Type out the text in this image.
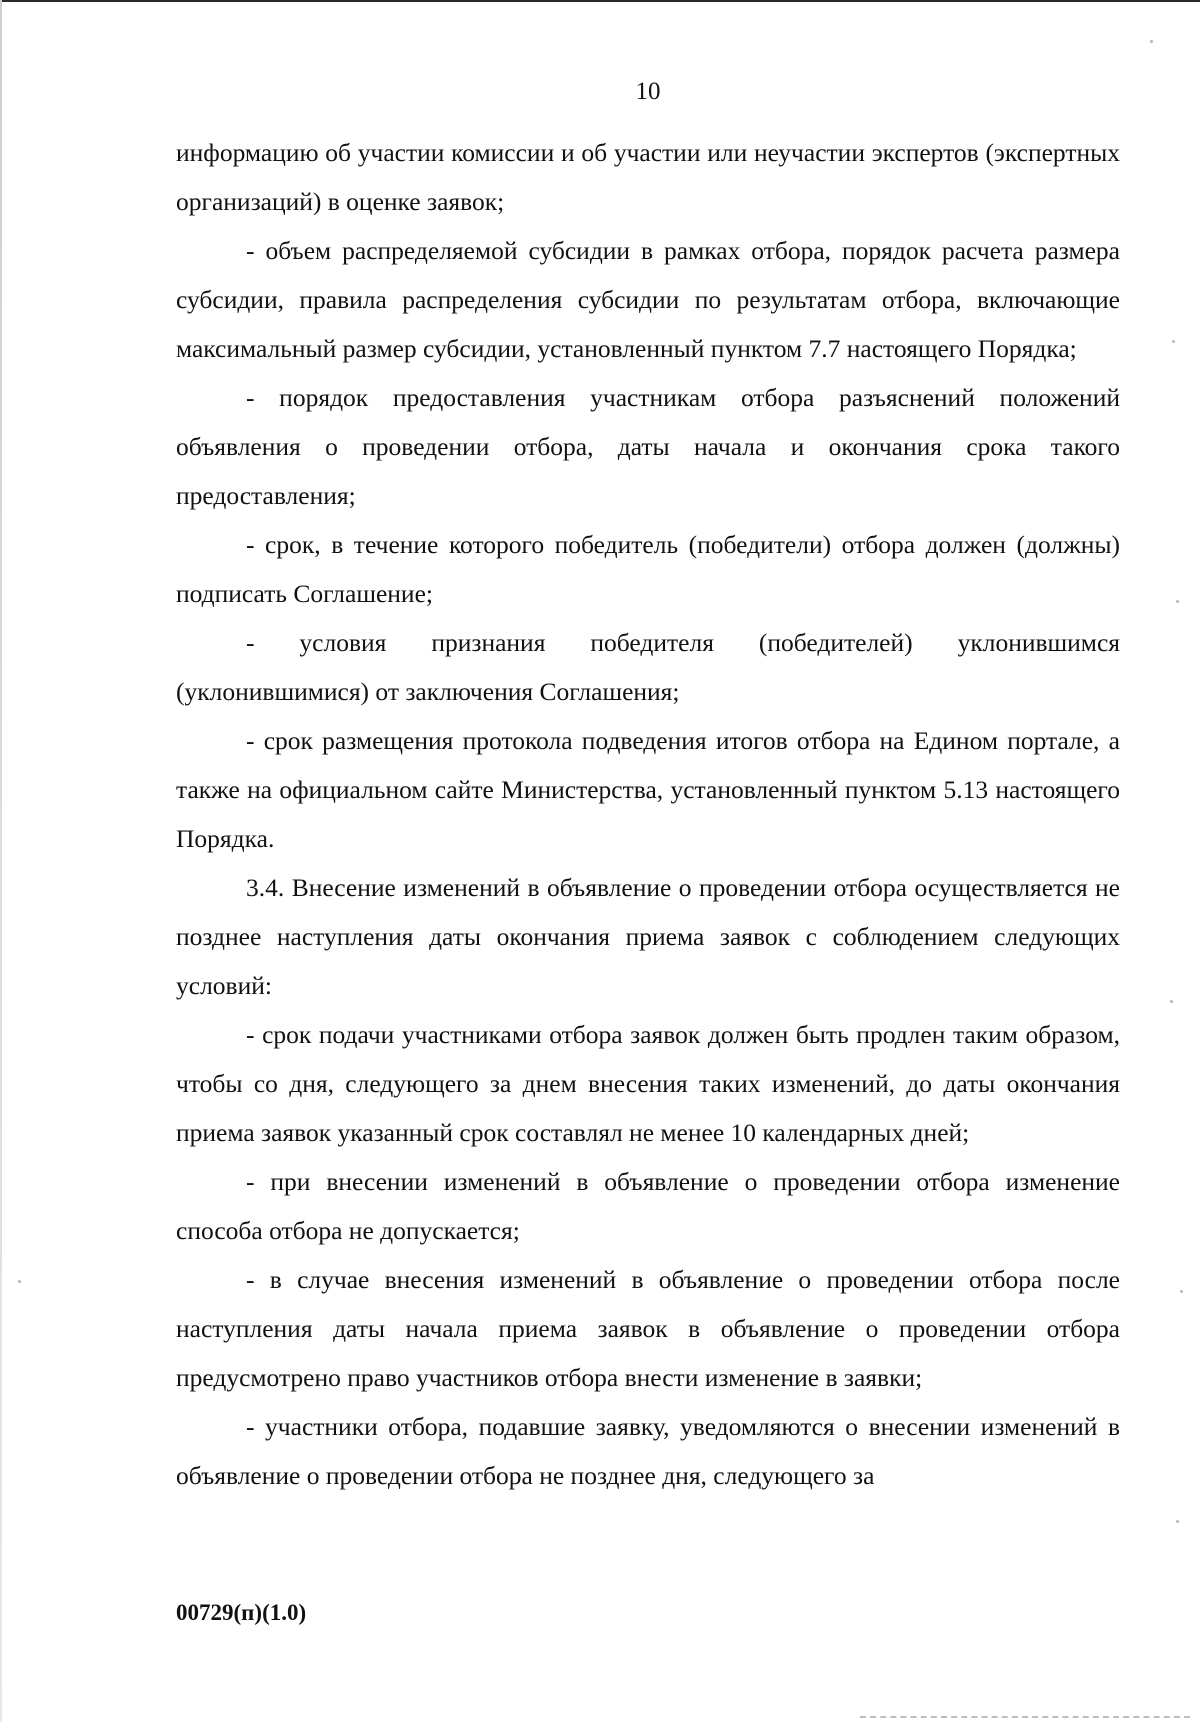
10

информацию об участии комиссии и об участии или неучастии экспертов (экспертных организаций) в оценке заявок;

- объем распределяемой субсидии в рамках отбора, порядок расчета размера субсидии, правила распределения субсидии по результатам отбора, включающие максимальный размер субсидии, установленный пунктом 7.7 настоящего Порядка;

- порядок предоставления участникам отбора разъяснений положений объявления о проведении отбора, даты начала и окончания срока такого предоставления;

- срок, в течение которого победитель (победители) отбора должен (должны) подписать Соглашение;

- условия признания победителя (победителей) уклонившимся (уклонившимися) от заключения Соглашения;

- срок размещения протокола подведения итогов отбора на Едином портале, а также на официальном сайте Министерства, установленный пунктом 5.13 настоящего Порядка.

3.4. Внесение изменений в объявление о проведении отбора осуществляется не позднее наступления даты окончания приема заявок с соблюдением следующих условий:

- срок подачи участниками отбора заявок должен быть продлен таким образом, чтобы со дня, следующего за днем внесения таких изменений, до даты окончания приема заявок указанный срок составлял не менее 10 календарных дней;

- при внесении изменений в объявление о проведении отбора изменение способа отбора не допускается;

- в случае внесения изменений в объявление о проведении отбора после наступления даты начала приема заявок в объявление о проведении отбора предусмотрено право участников отбора внести изменение в заявки;

- участники отбора, подавшие заявку, уведомляются о внесении изменений в объявление о проведении отбора не позднее дня, следующего за

00729(п)(1.0)
